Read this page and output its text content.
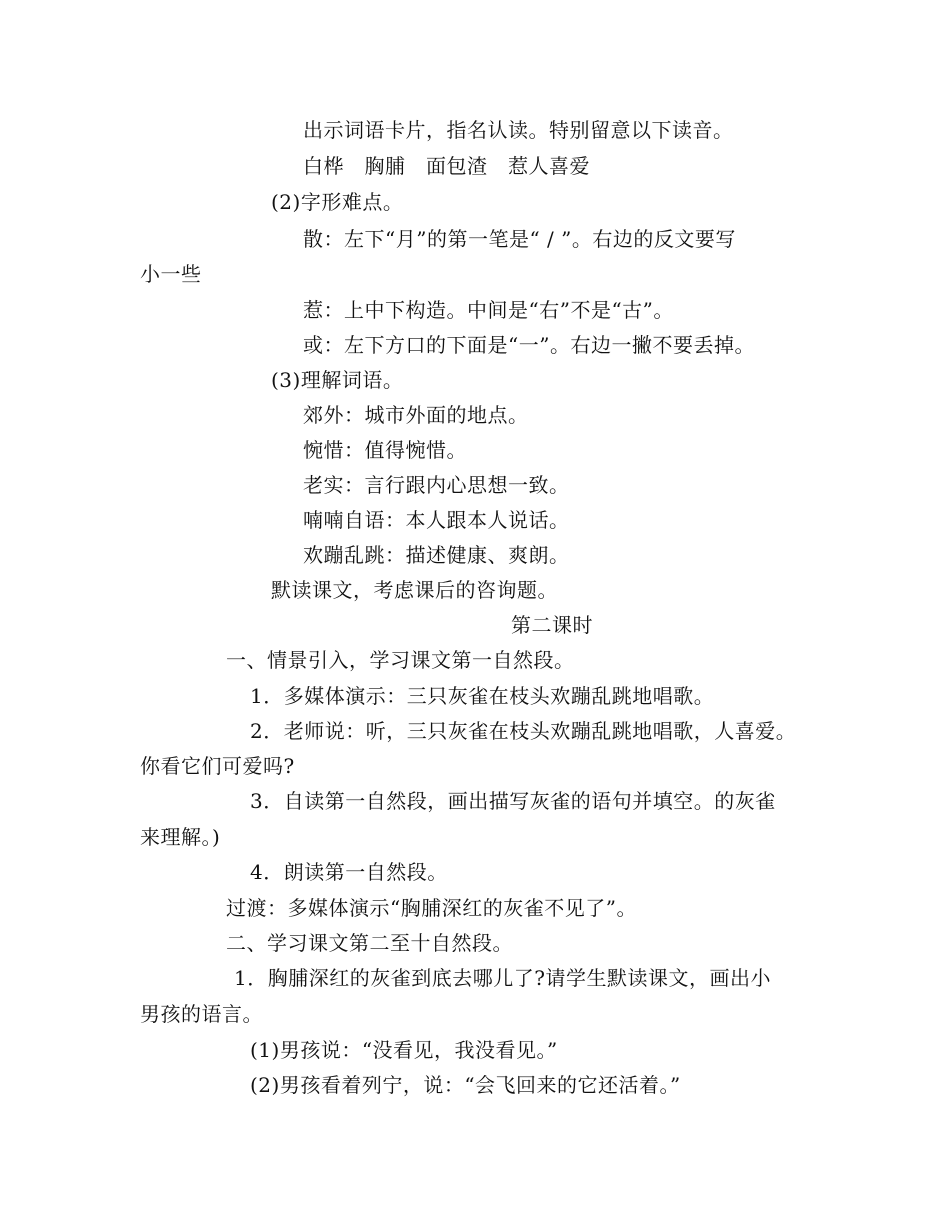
出示词语卡片，指名认读。特别留意以下读音。
白桦　胸脯　面包渣　惹人喜爱
(2)字形难点。
散：左下“月”的第一笔是“ / ”。右边的反文要写
小一些
惹：上中下构造。中间是“右”不是“古”。
或：左下方口的下面是“一”。右边一撇不要丢掉。
(3)理解词语。
郊外：城市外面的地点。
惋惜：值得惋惜。
老实：言行跟内心思想一致。
喃喃自语：本人跟本人说话。
欢蹦乱跳：描述健康、爽朗。
默读课文，考虑课后的咨询题。
第二课时
一、情景引入，学习课文第一自然段。
1．多媒体演示：三只灰雀在枝头欢蹦乱跳地唱歌。
2．老师说：听，三只灰雀在枝头欢蹦乱跳地唱歌，人喜爱。
你看它们可爱吗?
3．自读第一自然段，画出描写灰雀的语句并填空。的灰雀
来理解。)
4．朗读第一自然段。
过渡：多媒体演示“胸脯深红的灰雀不见了”。
二、学习课文第二至十自然段。
1．胸脯深红的灰雀到底去哪儿了?请学生默读课文，画出小
男孩的语言。
(1)男孩说：“没看见，我没看见。”
(2)男孩看着列宁，说：“会飞回来的它还活着。”
